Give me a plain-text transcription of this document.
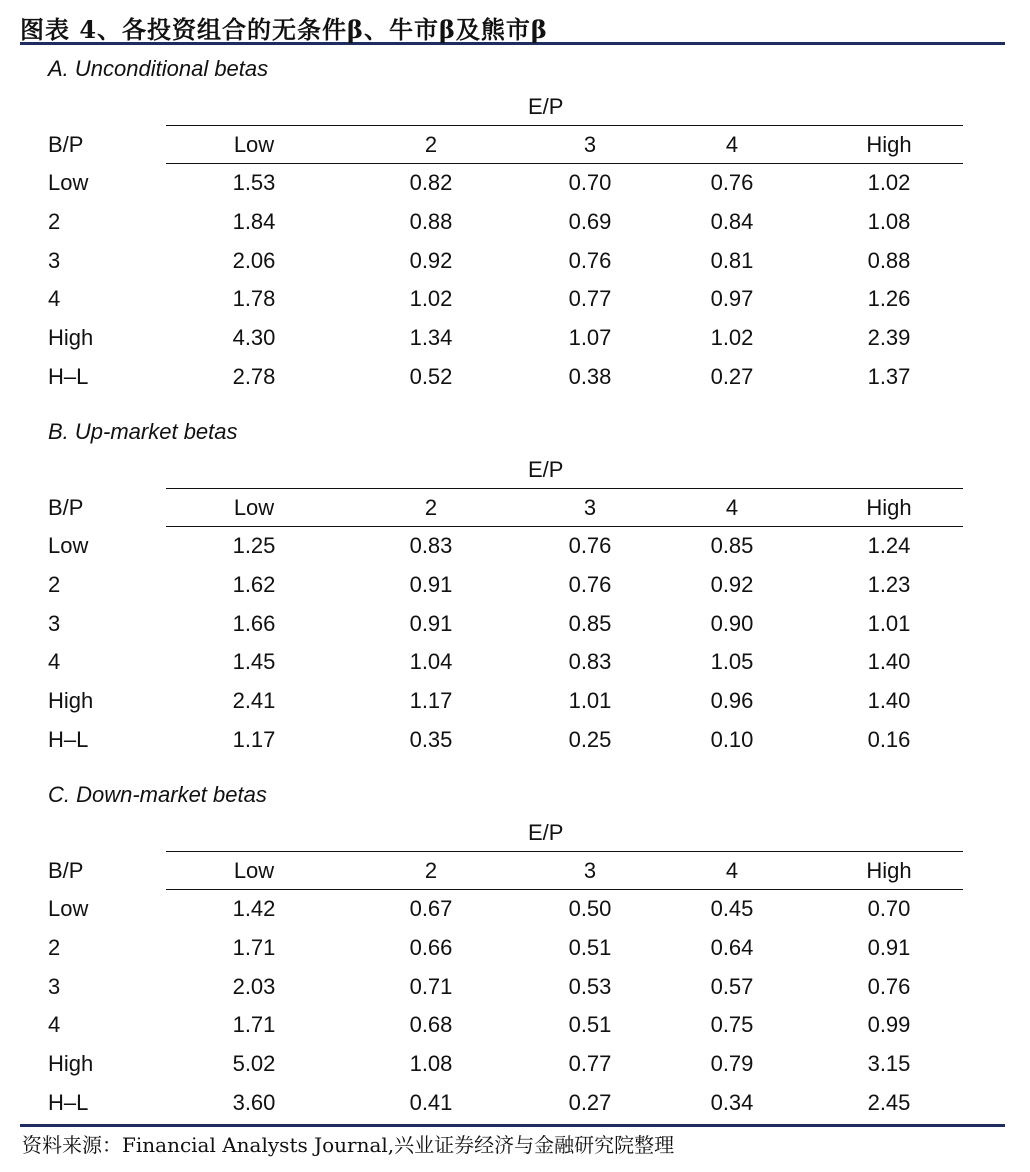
图表 4、各投资组合的无条件β、牛市β及熊市β
A. Unconditional betas
E/P
B/P	Low	2	3	4	High
Low	1.53	0.82	0.70	0.76	1.02
2	1.84	0.88	0.69	0.84	1.08
3	2.06	0.92	0.76	0.81	0.88
4	1.78	1.02	0.77	0.97	1.26
High	4.30	1.34	1.07	1.02	2.39
H–L	2.78	0.52	0.38	0.27	1.37
B. Up-market betas
E/P
B/P	Low	2	3	4	High
Low	1.25	0.83	0.76	0.85	1.24
2	1.62	0.91	0.76	0.92	1.23
3	1.66	0.91	0.85	0.90	1.01
4	1.45	1.04	0.83	1.05	1.40
High	2.41	1.17	1.01	0.96	1.40
H–L	1.17	0.35	0.25	0.10	0.16
C. Down-market betas
E/P
B/P	Low	2	3	4	High
Low	1.42	0.67	0.50	0.45	0.70
2	1.71	0.66	0.51	0.64	0.91
3	2.03	0.71	0.53	0.57	0.76
4	1.71	0.68	0.51	0.75	0.99
High	5.02	1.08	0.77	0.79	3.15
H–L	3.60	0.41	0.27	0.34	2.45
资料来源：Financial Analysts Journal,兴业证券经济与金融研究院整理
